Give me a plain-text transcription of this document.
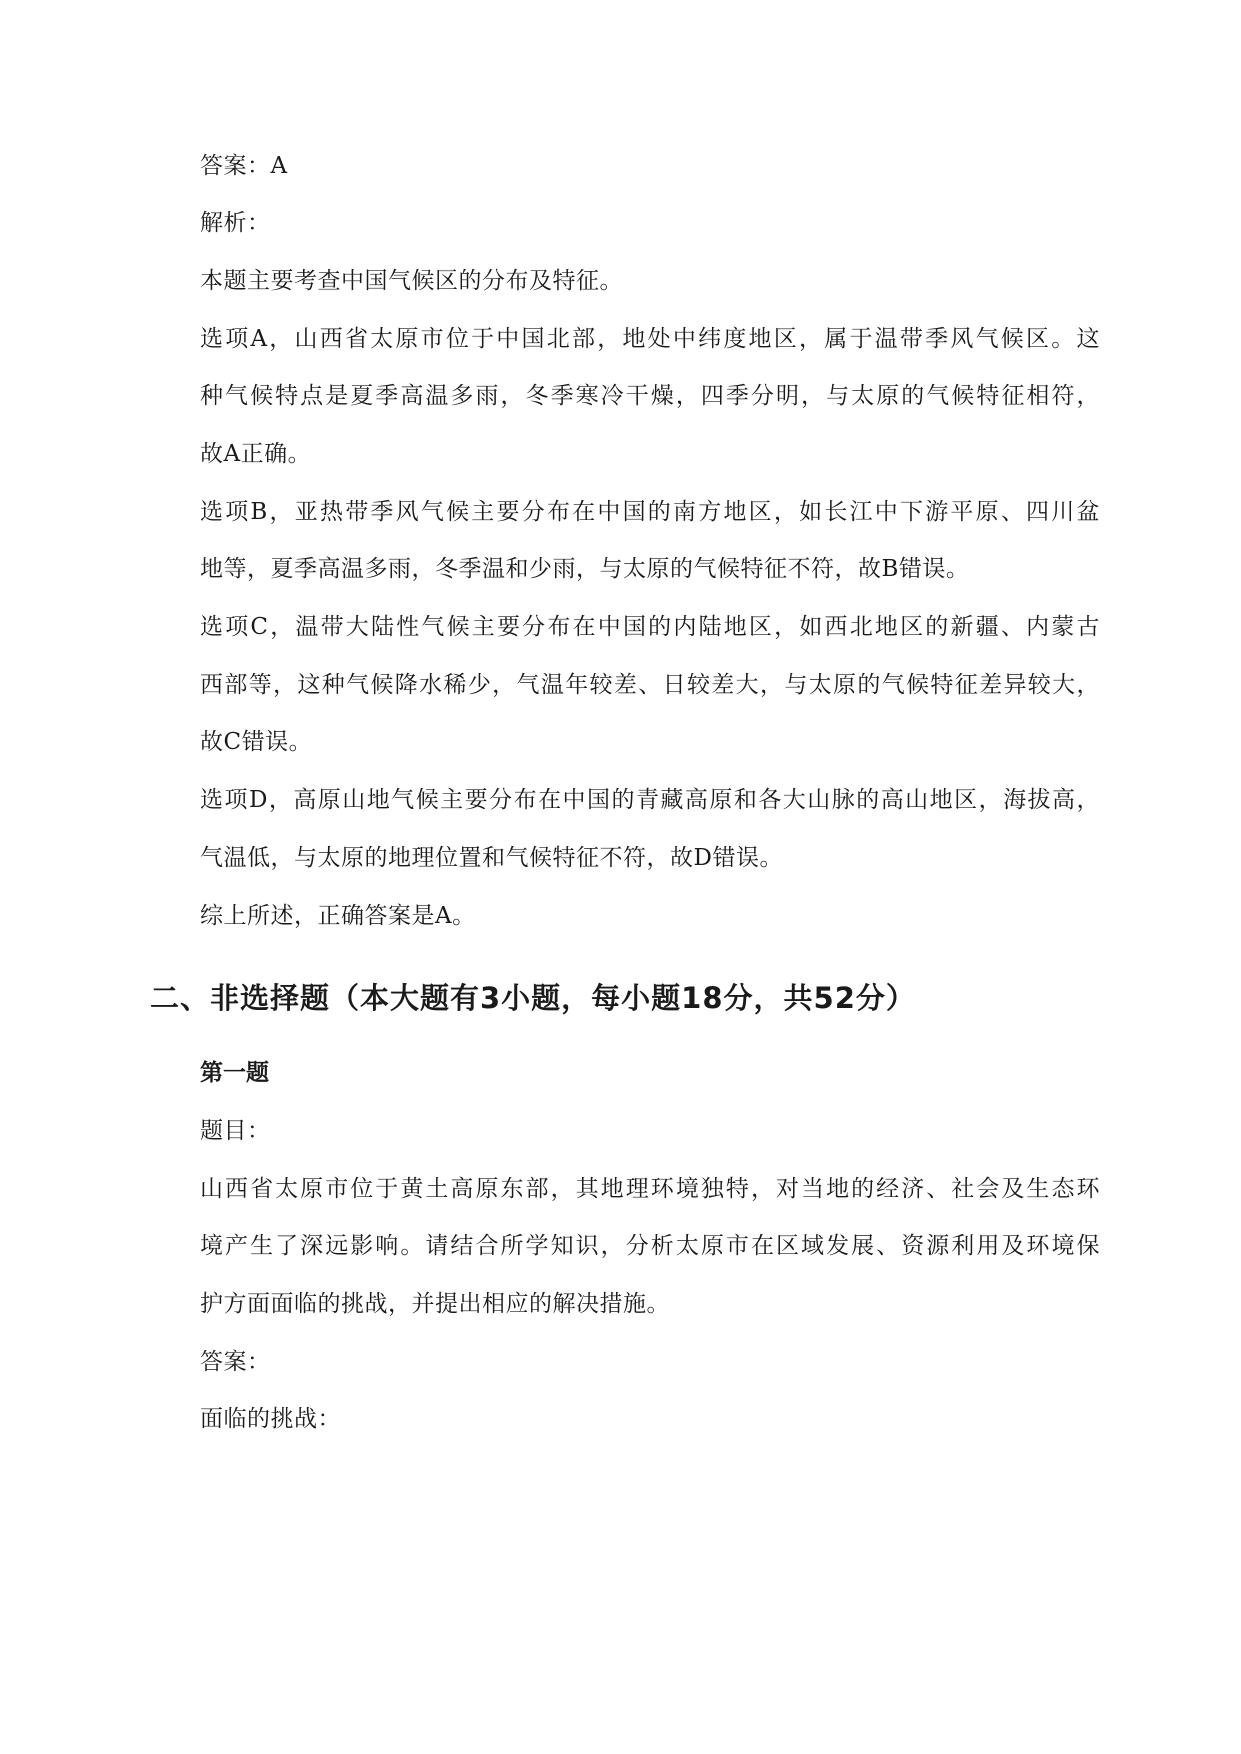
答案：A
解析：
本题主要考查中国气候区的分布及特征。
选项A，山西省太原市位于中国北部，地处中纬度地区，属于温带季风气候区。这
种气候特点是夏季高温多雨，冬季寒冷干燥，四季分明，与太原的气候特征相符，
故A正确。
选项B，亚热带季风气候主要分布在中国的南方地区，如长江中下游平原、四川盆
地等，夏季高温多雨，冬季温和少雨，与太原的气候特征不符，故B错误。
选项C，温带大陆性气候主要分布在中国的内陆地区，如西北地区的新疆、内蒙古
西部等，这种气候降水稀少，气温年较差、日较差大，与太原的气候特征差异较大，
故C错误。
选项D，高原山地气候主要分布在中国的青藏高原和各大山脉的高山地区，海拔高，
气温低，与太原的地理位置和气候特征不符，故D错误。
综上所述，正确答案是A。
二、非选择题（本大题有3小题，每小题18分，共52分）
第一题
题目：
山西省太原市位于黄土高原东部，其地理环境独特，对当地的经济、社会及生态环
境产生了深远影响。请结合所学知识，分析太原市在区域发展、资源利用及环境保
护方面面临的挑战，并提出相应的解决措施。
答案：
面临的挑战：
